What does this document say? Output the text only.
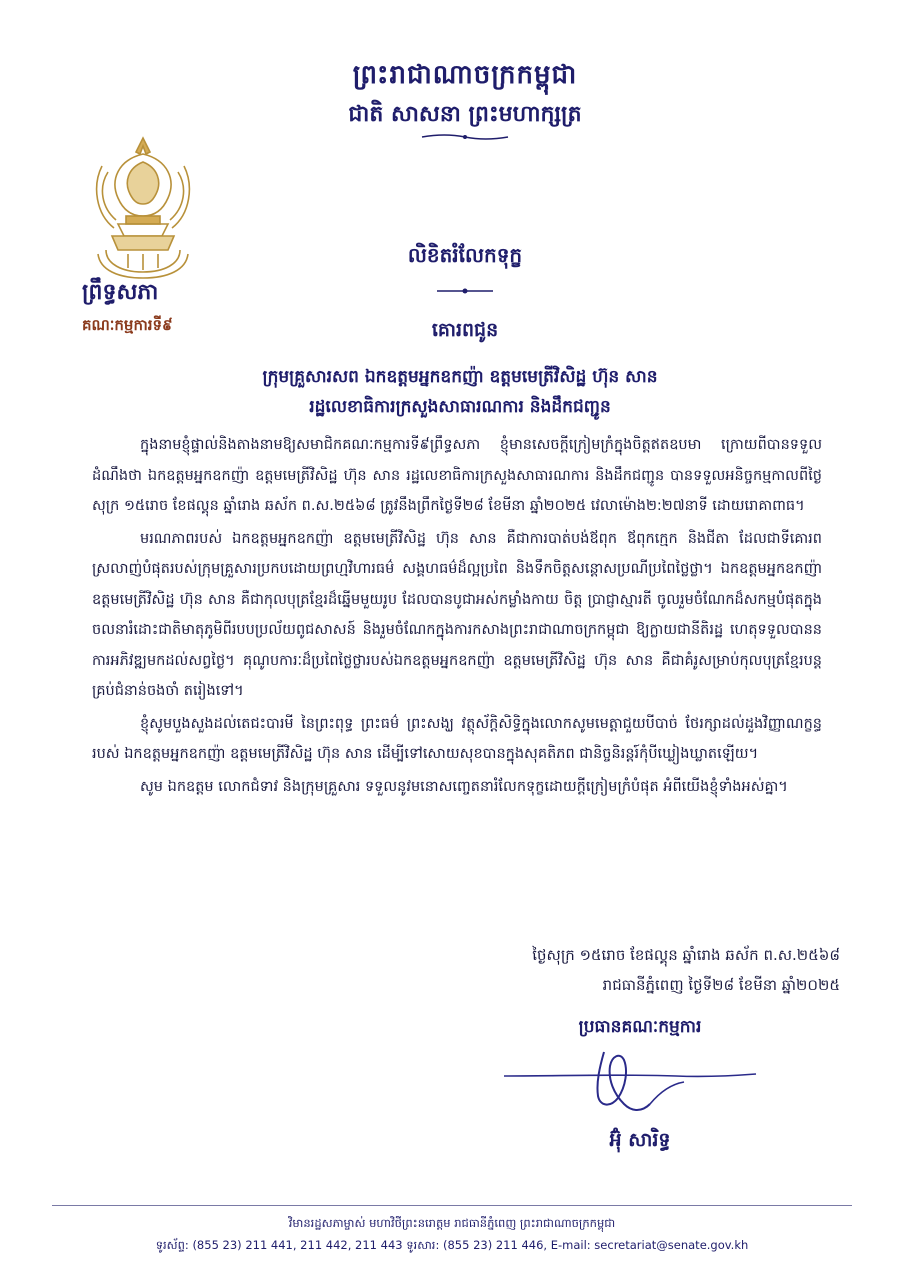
ព្រះរាជាណាចក្រកម្ពុជា
ជាតិ សាសនា ព្រះមហាក្សត្រ
ព្រឹទ្ធសភា
គណៈកម្មការទី៩
លិខិតរំលែកទុក្ខ
គោរពជូន
ក្រុមគ្រួសារសព ឯកឧត្តមអ្នកឧកញ៉ា ឧត្តមមេត្រីវិសិដ្ឋ ហ៊ុន សាន
រដ្ឋលេខាធិការក្រសួងសាធារណការ និងដឹកជញ្ជូន

ក្នុងនាមខ្ញុំផ្ទាល់និងតាងនាមឱ្យសមាជិកគណៈកម្មការទី៩ព្រឹទ្ធសភា ខ្ញុំមានសេចក្ដីក្រៀមក្រំក្នុងចិត្តឥតឧបមា ក្រោយពីបានទទួលដំណឹងថា ឯកឧត្តមអ្នកឧកញ៉ា ឧត្តមមេត្រីវិសិដ្ឋ ហ៊ុន សាន រដ្ឋលេខាធិការក្រសួងសាធារណការ និងដឹកជញ្ជូន បានទទួលអនិច្ចកម្មកាលពីថ្ងៃសុក្រ ១៥រោច ខែផល្គុន ឆ្នាំរោង ឆស័ក ព.ស.២៥៦៨ ត្រូវនឹងព្រឹកថ្ងៃទី២៨ ខែមីនា ឆ្នាំ២០២៥ វេលាម៉ោង២:២៧នាទី ដោយរោគាពាធ។

មរណភាពរបស់ ឯកឧត្តមអ្នកឧកញ៉ា ឧត្តមមេត្រីវិសិដ្ឋ ហ៊ុន សាន គឺជាការបាត់បង់ឪពុក ឪពុកក្មេក និងជីតា ដែលជាទីគោរពស្រលាញ់បំផុតរបស់ក្រុមគ្រួសារប្រកបដោយព្រហ្មវិហារធម៌ សង្គហធម៌ដ៏ល្អប្រពៃ និងទឹកចិត្តសន្ដោសប្រណីប្រពៃថ្លៃថ្លា។ ឯកឧត្តមអ្នកឧកញ៉ា ឧត្តមមេត្រីវិសិដ្ឋ ហ៊ុន សាន គឺជាកុលបុត្រខ្មែរដ៏ឆ្នើមមួយរូប ដែលបានបូជាអស់កម្លាំងកាយ ចិត្ត ប្រាជ្ញាស្មារតី ចូលរួមចំណែកដ៏សកម្មបំផុតក្នុងចលនារំដោះជាតិមាតុភូមិពីរបបប្រល័យពូជសាសន៍ និងរួមចំណែកក្នុងការកសាងព្រះរាជាណាចក្រកម្ពុជា ឱ្យក្លាយជានីតិរដ្ឋ ហេតុទទួលបាននការអភិវឌ្ឍមកដល់សព្វថ្ងៃ។ គុណូបការៈដ៏ប្រពៃថ្លៃថ្លារបស់ឯកឧត្តមអ្នកឧកញ៉ា ឧត្តមមេត្រីវិសិដ្ឋ ហ៊ុន សាន គឺជាគំរូសម្រាប់កុលបុត្រខ្មែរបន្តគ្រប់ជំនាន់ចងចាំ តរៀងទៅ។

ខ្ញុំសូមបួងសួងដល់តេជះបារមី នៃព្រះពុទ្ធ ព្រះធម៌ ព្រះសង្ឃ វត្ថុស័ក្តិសិទ្ធិក្នុងលោកសូមមេត្តាជួយបីបាច់ ថែរក្សាដល់ដួងវិញ្ញាណក្ខន្ធរបស់ ឯកឧត្តមអ្នកឧកញ៉ា ឧត្តមមេត្រីវិសិដ្ឋ ហ៊ុន សាន ដើម្បីទៅសោយសុខបានក្នុងសុគតិភព ជានិច្ចនិរន្ដរ៍កុំបីឃ្លៀងឃ្លាតឡើយ។

សូម ឯកឧត្ដម លោកជំទាវ និងក្រុមគ្រួសារ ទទួលនូវមនោសញ្ចេតនារំលែកទុក្ខដោយក្ដីក្រៀមក្រំបំផុត អំពីយើងខ្ញុំទាំងអស់គ្នា។

ថ្ងៃសុក្រ ១៥រោច ខែផល្គុន ឆ្នាំរោង ឆស័ក ព.ស.២៥៦៨
រាជធានីភ្នំពេញ ថ្ងៃទី២៨ ខែមីនា ឆ្នាំ២០២៥
ប្រធានគណៈកម្មការ
អ៊ុំ សារិទ្ធ
វិមានរដ្ឋសភាម្ចាស់ មហាវិថីព្រះនរោត្តម រាជធានីភ្នំពេញ ព្រះរាជាណាចក្រកម្ពុជា
ទូរស័ព្ទ: (855 23) 211 441, 211 442, 211 443 ទូរសារ: (855 23) 211 446, E-mail: secretariat@senate.gov.kh
